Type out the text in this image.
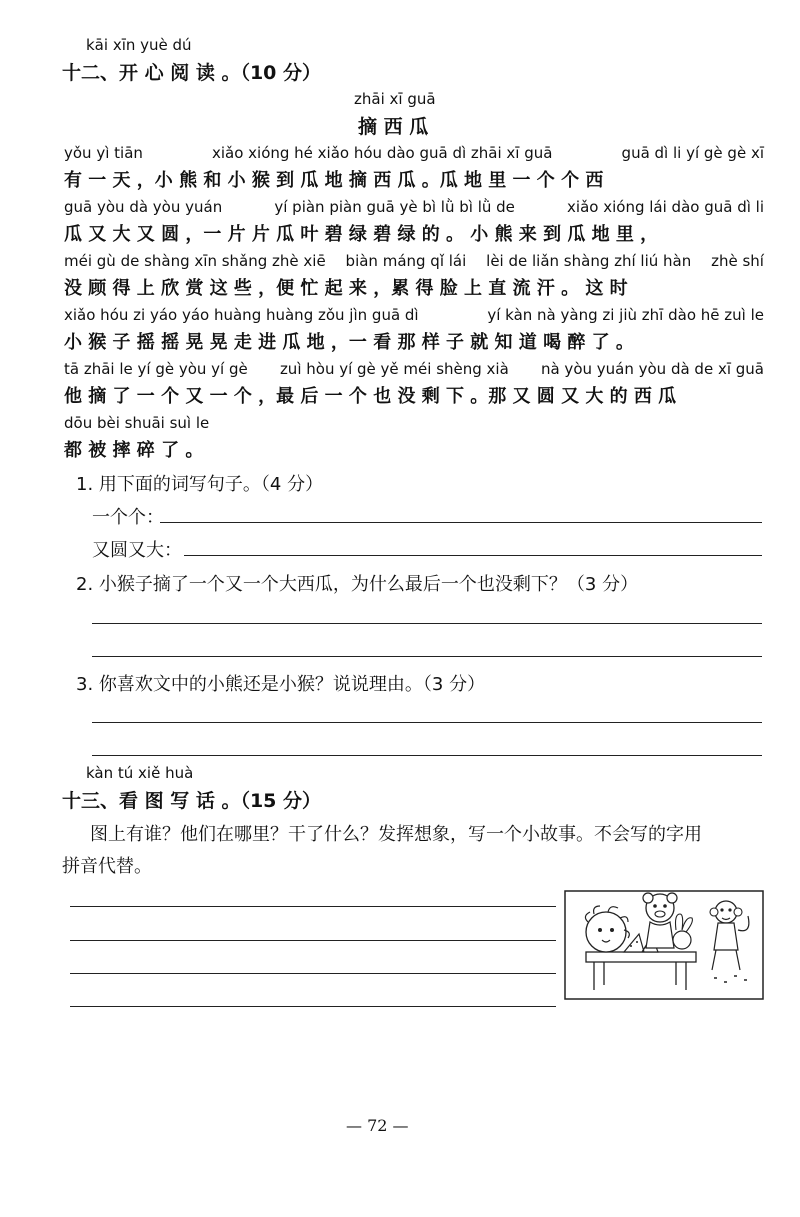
kāi xīn yuè dú
十二、开 心 阅 读 。（10 分）
zhāi xī guā
摘 西 瓜
yǒu yì tiān	xiǎo xióng hé xiǎo hóu dào guā dì zhāi xī guā	guā dì li yí gè gè xī
有 一 天 ，小 熊 和 小 猴 到 瓜 地 摘 西 瓜 。瓜 地 里 一 个 个 西
guā yòu dà yòu yuán	yí piàn piàn guā yè bì lǜ bì lǜ de	xiǎo xióng lái dào guā dì li
瓜 又 大 又 圆 ，一 片 片 瓜 叶 碧 绿 碧 绿 的 。 小 熊 来 到 瓜 地 里 ，
méi gù de shàng xīn shǎng zhè xiē biàn máng qǐ lái lèi de liǎn shàng zhí liú hàn zhè shí
没 顾 得 上 欣 赏 这 些 ，便 忙 起 来 ，累 得 脸 上 直 流 汗 。 这 时
xiǎo hóu zi yáo yáo huàng huàng zǒu jìn guā dì	yí kàn nà yàng zi jiù zhī dào hē zuì le
小 猴 子 摇 摇 晃 晃 走 进 瓜 地 ，一 看 那 样 子 就 知 道 喝 醉 了 。
tā zhāi le yí gè yòu yí gè zuì hòu yí gè yě méi shèng xià nà yòu yuán yòu dà de xī guā
他 摘 了 一 个 又 一 个 ，最 后 一 个 也 没 剩 下 。那 又 圆 又 大 的 西 瓜
dōu bèi shuāi suì le
都 被 摔 碎 了 。
1. 用下面的词写句子。（4 分）
一个个：
又圆又大：
2. 小猴子摘了一个又一个大西瓜，为什么最后一个也没剩下？（3 分）
3. 你喜欢文中的小熊还是小猴？说说理由。（3 分）
kàn tú xiě huà
十三、看 图 写 话 。（15 分）
图上有谁？他们在哪里？干了什么？发挥想象，写一个小故事。不会写的字用
拼音代替。
— 72 —
